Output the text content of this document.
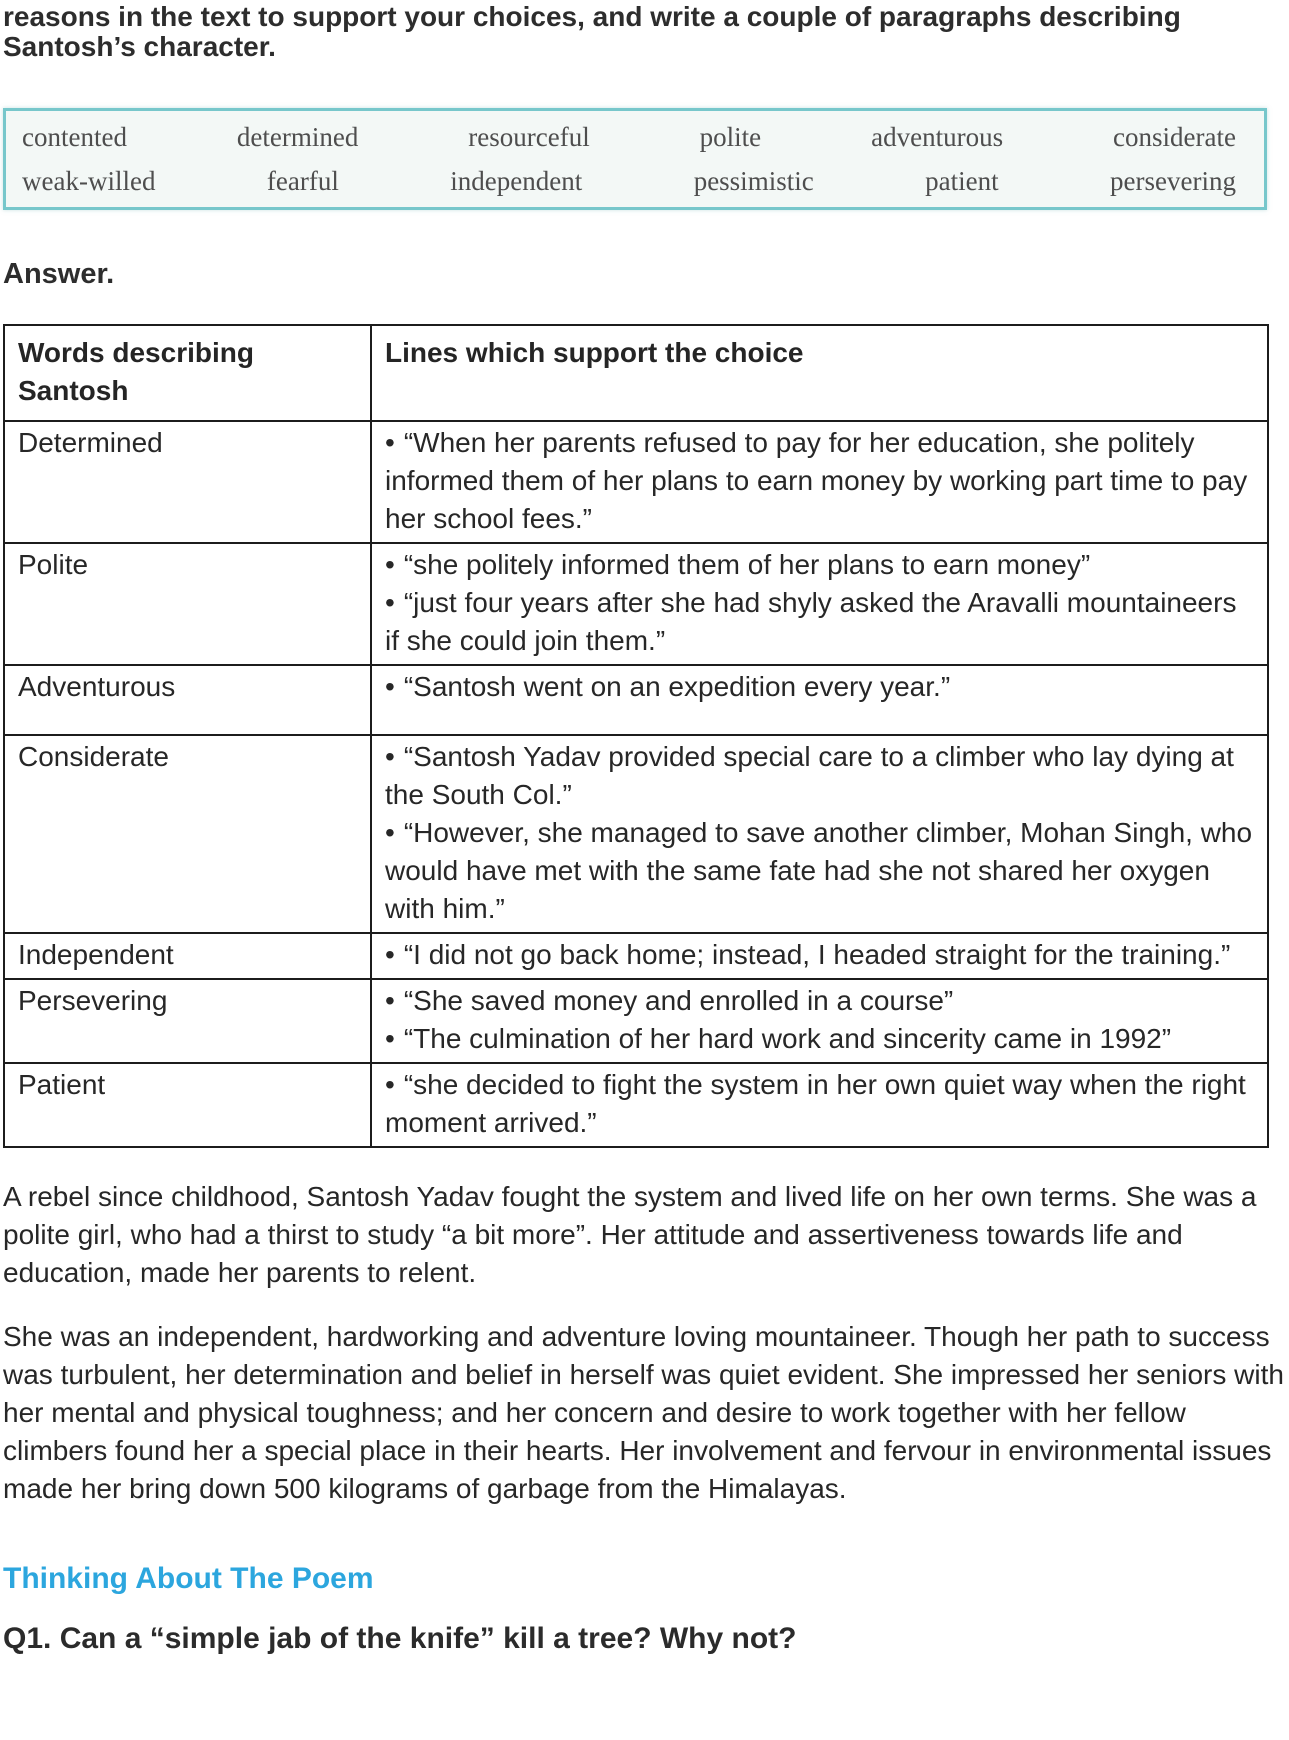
reasons in the text to support your choices, and write a couple of paragraphs describing Santosh’s character.
contented	determined	resourceful	polite	adventurous	considerate
weak-willed	fearful	independent	pessimistic	patient	persevering
Answer.
Words describing Santosh	Lines which support the choice
Determined	• “When her parents refused to pay for her education, she politely informed them of her plans to earn money by working part time to pay her school fees.”

Polite	• “she politely informed them of her plans to earn money”
• “just four years after she had shyly asked the Aravalli mountaineers if she could join them.”

Adventurous	• “Santosh went on an expedition every year.”

Considerate	• “Santosh Yadav provided special care to a climber who lay dying at the South Col.”
• “However, she managed to save another climber, Mohan Singh, who would have met with the same fate had she not shared her oxygen with him.”

Independent	• “I did not go back home; instead, I headed straight for the training.”

Persevering	• “She saved money and enrolled in a course”
• “The culmination of her hard work and sincerity came in 1992”

Patient	• “she decided to fight the system in her own quiet way when the right moment arrived.”

A rebel since childhood, Santosh Yadav fought the system and lived life on her own terms. She was a polite girl, who had a thirst to study “a bit more”. Her attitude and assertiveness towards life and education, made her parents to relent.

She was an independent, hardworking and adventure loving mountaineer. Though her path to success was turbulent, her determination and belief in herself was quiet evident. She impressed her seniors with her mental and physical toughness; and her concern and desire to work together with her fellow climbers found her a special place in their hearts. Her involvement and fervour in environmental issues made her bring down 500 kilograms of garbage from the Himalayas.

Thinking About The Poem
Q1. Can a “simple jab of the knife” kill a tree? Why not?
